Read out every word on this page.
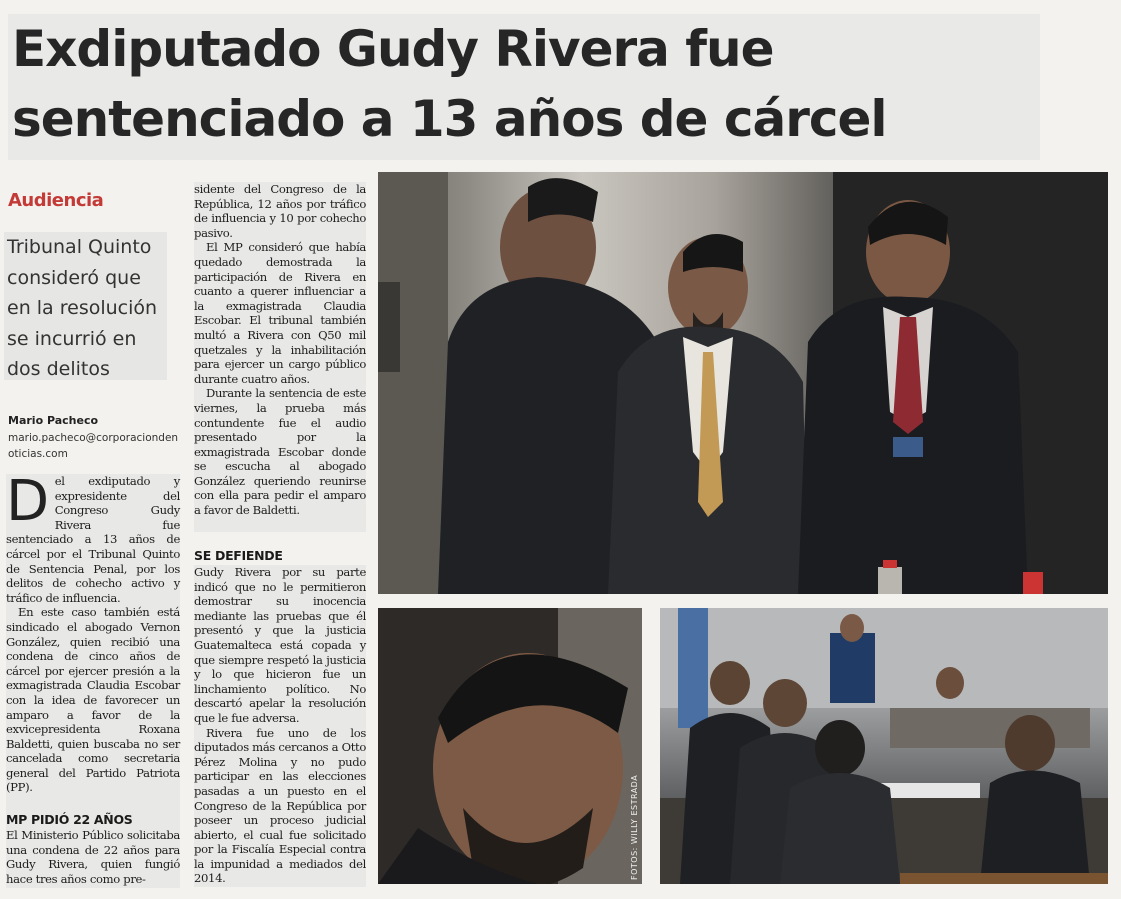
Exdiputado Gudy Rivera fue
sentenciado a 13 años de cárcel
Audiencia
Tribunal Quinto consideró que en la resolución se incurrió en dos delitos
Mario Pacheco
mario.pacheco@corporaciondenoticias.com
D el exdiputado y expresidente del Congreso Gudy Rivera fue sentenciado a 13 años de cárcel por el Tribunal Quinto de Sentencia Penal, por los delitos de cohecho activo y tráfico de influencia.

En este caso también está sindicado el abogado Vernon González, quien recibió una condena de cinco años de cárcel por ejercer presión a la exmagistrada Claudia Escobar con la idea de favorecer un amparo a favor de la exvicepresidenta Roxana Baldetti, quien buscaba no ser cancelada como secretaria general del Partido Patriota (PP).

MP PIDIÓ 22 AÑOS

El Ministerio Público solicitaba una condena de 22 años para Gudy Rivera, quien fungió hace tres años como pre-

sidente del Congreso de la República, 12 años por tráfico de influencia y 10 por cohecho pasivo.

El MP consideró que había quedado demostrada la participación de Rivera en cuanto a querer influenciar a la exmagistrada Claudia Escobar. El tribunal también multó a Rivera con Q50 mil quetzales y la inhabilitación para ejercer un cargo público durante cuatro años.

Durante la sentencia de este viernes, la prueba más contundente fue el audio presentado por la exmagistrada Escobar donde se escucha al abogado González queriendo reunirse con ella para pedir el amparo a favor de Baldetti.

SE DEFIENDE

Gudy Rivera por su parte indicó que no le permitieron demostrar su inocencia mediante las pruebas que él presentó y que la justicia Guatemalteca está copada y que siempre respetó la justicia y lo que hicieron fue un linchamiento político. No descartó apelar la resolución que le fue adversa.

Rivera fue uno de los diputados más cercanos a Otto Pérez Molina y no pudo participar en las elecciones pasadas a un puesto en el Congreso de la República por poseer un proceso judicial abierto, el cual fue solicitado por la Fiscalía Especial contra la impunidad a mediados del 2014.	FOTOS: WILLY ESTRADA
